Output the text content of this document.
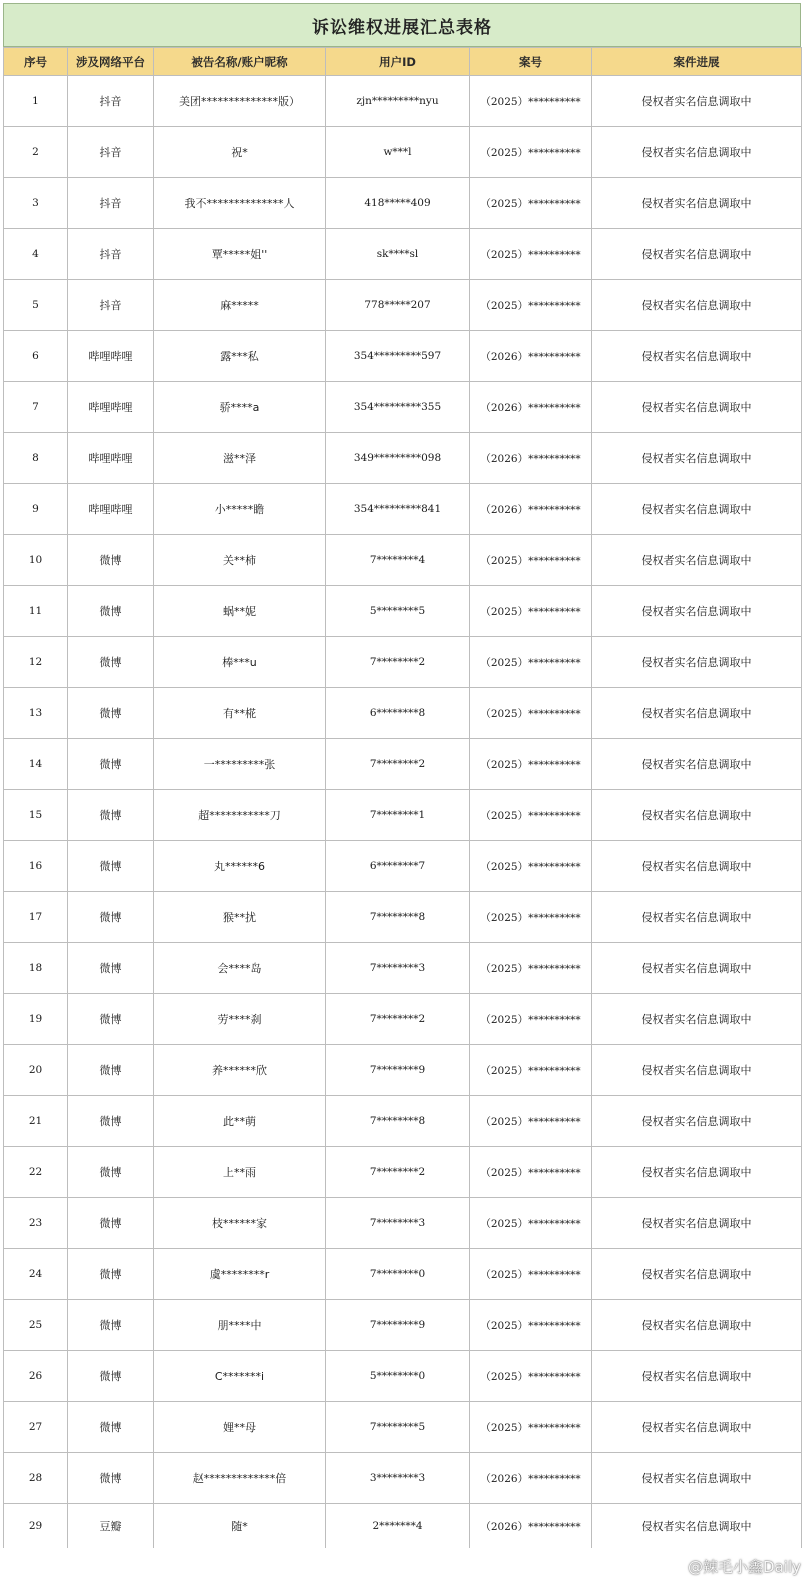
诉讼维权进展汇总表格
序号	涉及网络平台	被告名称/账户昵称	用户ID	案号	案件进展
1	抖音	美团**************版）	zjn*********nyu	（2025）**********	侵权者实名信息调取中
2	抖音	祝*	w***l	（2025）**********	侵权者实名信息调取中
3	抖音	我不**************人	418*****409	（2025）**********	侵权者实名信息调取中
4	抖音	覃*****姐''	sk****sl	（2025）**********	侵权者实名信息调取中
5	抖音	麻*****	778*****207	（2025）**********	侵权者实名信息调取中
6	哔哩哔哩	露***私	354*********597	（2026）**********	侵权者实名信息调取中
7	哔哩哔哩	骄****a	354*********355	（2026）**********	侵权者实名信息调取中
8	哔哩哔哩	滋**泽	349*********098	（2026）**********	侵权者实名信息调取中
9	哔哩哔哩	小*****瞻	354*********841	（2026）**********	侵权者实名信息调取中
10	微博	关**柿	7********4	（2025）**********	侵权者实名信息调取中
11	微博	蜗**妮	5********5	（2025）**********	侵权者实名信息调取中
12	微博	棒***u	7********2	（2025）**********	侵权者实名信息调取中
13	微博	有**椛	6********8	（2025）**********	侵权者实名信息调取中
14	微博	一*********张	7********2	（2025）**********	侵权者实名信息调取中
15	微博	超***********刀	7********1	（2025）**********	侵权者实名信息调取中
16	微博	丸******6	6********7	（2025）**********	侵权者实名信息调取中
17	微博	猴**扰	7********8	（2025）**********	侵权者实名信息调取中
18	微博	会****岛	7********3	（2025）**********	侵权者实名信息调取中
19	微博	劳****刹	7********2	（2025）**********	侵权者实名信息调取中
20	微博	养******欣	7********9	（2025）**********	侵权者实名信息调取中
21	微博	此**萌	7********8	（2025）**********	侵权者实名信息调取中
22	微博	上**雨	7********2	（2025）**********	侵权者实名信息调取中
23	微博	枝******家	7********3	（2025）**********	侵权者实名信息调取中
24	微博	虞********r	7********0	（2025）**********	侵权者实名信息调取中
25	微博	朋****中	7********9	（2025）**********	侵权者实名信息调取中
26	微博	C*******i	5********0	（2025）**********	侵权者实名信息调取中
27	微博	娌**母	7********5	（2025）**********	侵权者实名信息调取中
28	微博	赵*************倍	3********3	（2026）**********	侵权者实名信息调取中
29	豆瓣	随*	2*******4	（2026）**********	侵权者实名信息调取中
@辣毛小鑫Daily
